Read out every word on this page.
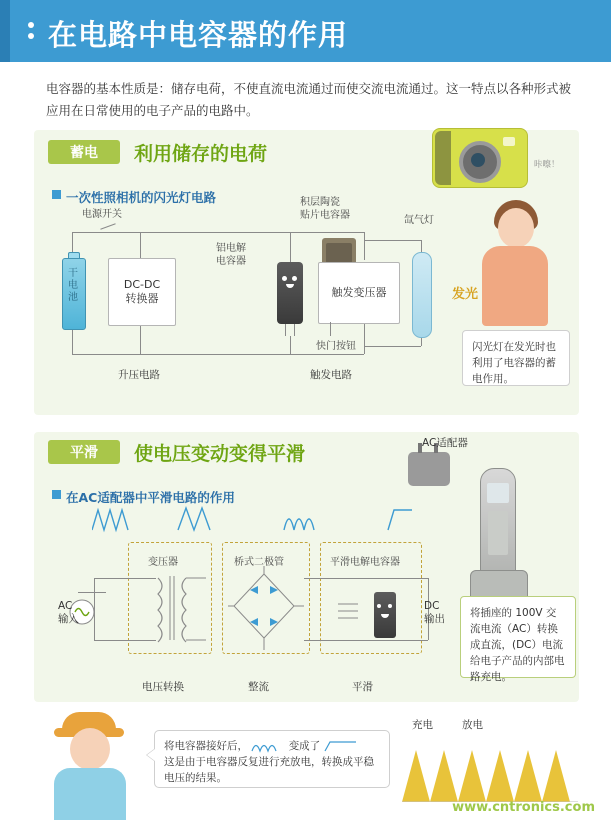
在电路中电容器的作用
电容器的基本性质是：储存电荷，不使直流电流通过而使交流电流通过。这一特点以各种形式被应用在日常使用的电子产品的电路中。
蓄电	利用储存的电荷
一次性照相机的闪光灯电路
咔嚓！
电源开关
干
电
池
DC-DC
转换器
铝电解
电容器
积层陶瓷
贴片电容器
触发变压器
快门按钮
氙气灯
发光
升压电路	触发电路
闪光灯在发光时也利用了电容器的蓄电作用。
平滑	使电压变动变得平滑
在AC适配器中平滑电路的作用
AC适配器
变压器	桥式二极管	平滑电解电容器
AC
输入
DC
输出
电压转换	整流	平滑
将插座的 100V 交流电流（AC）转换成直流，(DC）电流给电子产品的内部电路充电。
将电容器接好后，	变成了
这是由于电容器反复进行充放电，转换成平稳电压的结果。
充电	放电
www.cntronics.com
